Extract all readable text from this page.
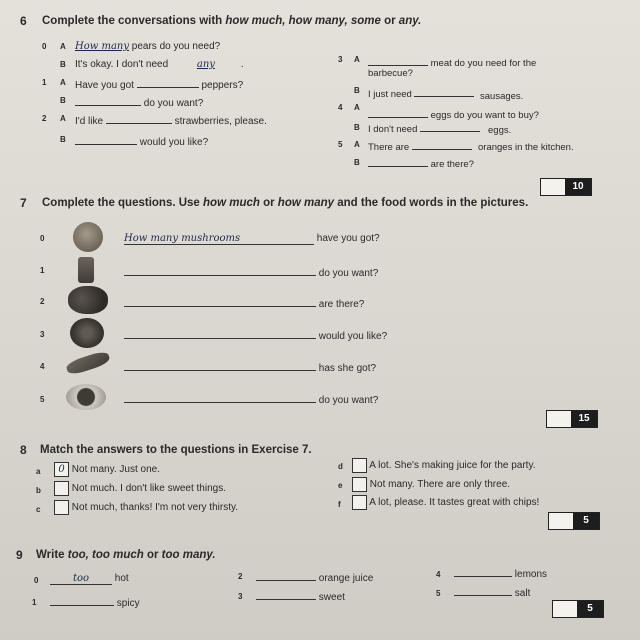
6 Complete the conversations with how much, how many, some or any.
0 A How many pears do you need?
B It's okay. I don't need	any	.
1 A Have you got	peppers?
B	do you want?
2 A I'd like	strawberries, please.
B	would you like?
3 A	meat do you need for the
barbecue?
B I just need	sausages.
4 A
eggs do you want to buy?
B I don't need	eggs.
5 A There are	oranges in the kitchen.
B	are there?
10
7 Complete the questions. Use how much or how many and the food words in the pictures.
0	How many mushrooms	have you got?
1	do you want?
2	are there?
3	would you like?
4	has she got?
5	do you want?
15
8 Match the answers to the questions in Exercise 7.
a	0 Not many. Just one.
b	Not much. I don't like sweet things.
c	Not much, thanks! I'm not very thirsty.
d	A lot. She's making juice for the party.
e	Not many. There are only three.
f	A lot, please. It tastes great with chips!
5
9 Write too, too much or too many.
0	too	hot
1	spicy
2	orange juice
3	sweet
4	lemons
5	salt
5
